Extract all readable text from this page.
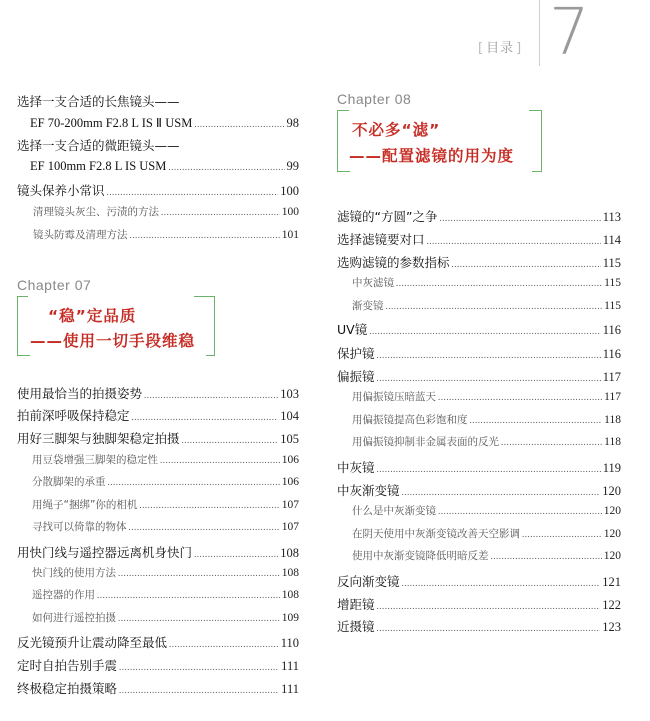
[ 目录 ] 7
选择一支合适的长焦镜头——
EF 70-200mm F2.8 L IS Ⅱ USM .....	98
选择一支合适的微距镜头——
EF 100mm F2.8 L IS USM .....	99
镜头保养小常识 .....	100
清理镜头灰尘、污渍的方法 .....	100
镜头防霉及清理方法 .....	101
Chapter 07
“稳”定品质
——使用一切手段维稳
使用最恰当的拍摄姿势 .....	103
拍前深呼吸保持稳定 .....	104
用好三脚架与独脚架稳定拍摄 .....	105
用豆袋增强三脚架的稳定性 .....	106
分散脚架的承重 .....	106
用绳子“捆绑”你的相机 .....	107
寻找可以倚靠的物体 .....	107
用快门线与遥控器远离机身快门 .....	108
快门线的使用方法 .....	108
遥控器的作用 .....	108
如何进行遥控拍摄 .....	109
反光镜预升让震动降至最低 .....	110
定时自拍告别手震 .....	111
终极稳定拍摄策略 .....	111
Chapter 08
不必多“滤”
——配置滤镜的用为度
滤镜的“方圆”之争 .....	113
选择滤镜要对口 .....	114
选购滤镜的参数指标 .....	115
中灰滤镜 .....	115
渐变镜 .....	115
UV镜 .....	116
保护镜 .....	116
偏振镜 .....	117
用偏振镜压暗蓝天 .....	117
用偏振镜提高色彩饱和度 .....	118
用偏振镜抑制非金属表面的反光 .....	118
中灰镜 .....	119
中灰渐变镜 .....	120
什么是中灰渐变镜 .....	120
在阴天使用中灰渐变镜改善天空影调 .....	120
使用中灰渐变镜降低明暗反差 .....	120
反向渐变镜 .....	121
增距镜 .....	122
近摄镜 .....	123
